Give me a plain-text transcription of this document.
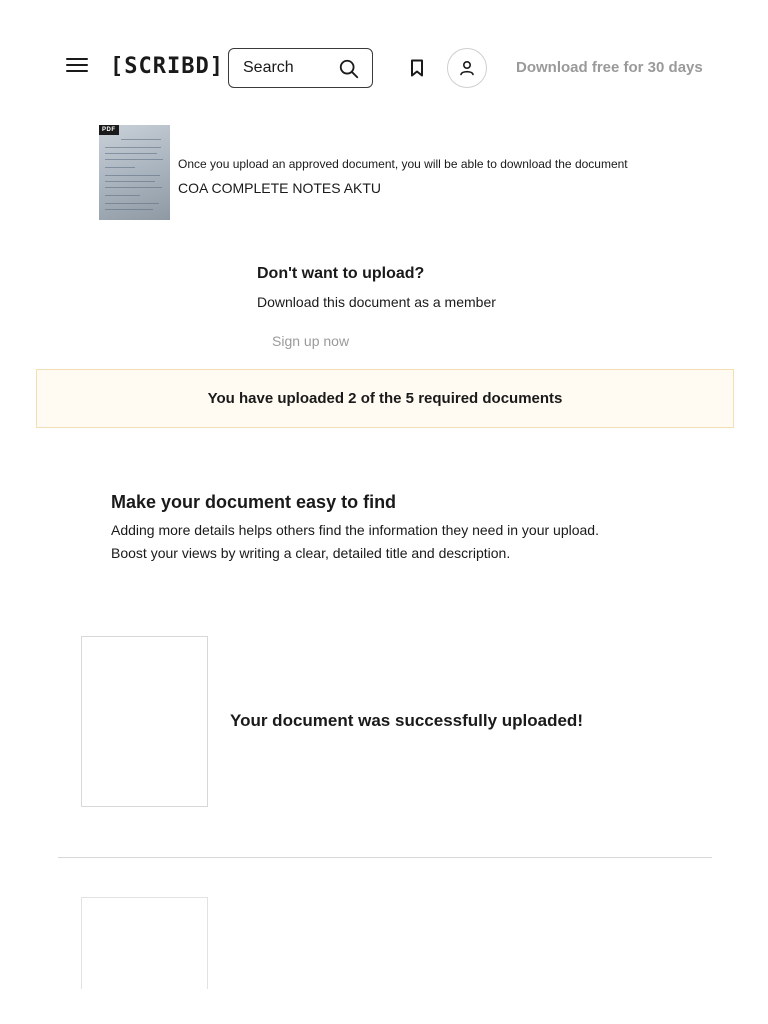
[SCRIBD]
Search	Download free for 30 days
PDF
Once you upload an approved document, you will be able to download the document
COA COMPLETE NOTES AKTU
Don't want to upload?
Download this document as a member
Sign up now
You have uploaded 2 of the 5 required documents
Make your document easy to find
Adding more details helps others find the information they need in your upload.
Boost your views by writing a clear, detailed title and description.
Your document was successfully uploaded!
